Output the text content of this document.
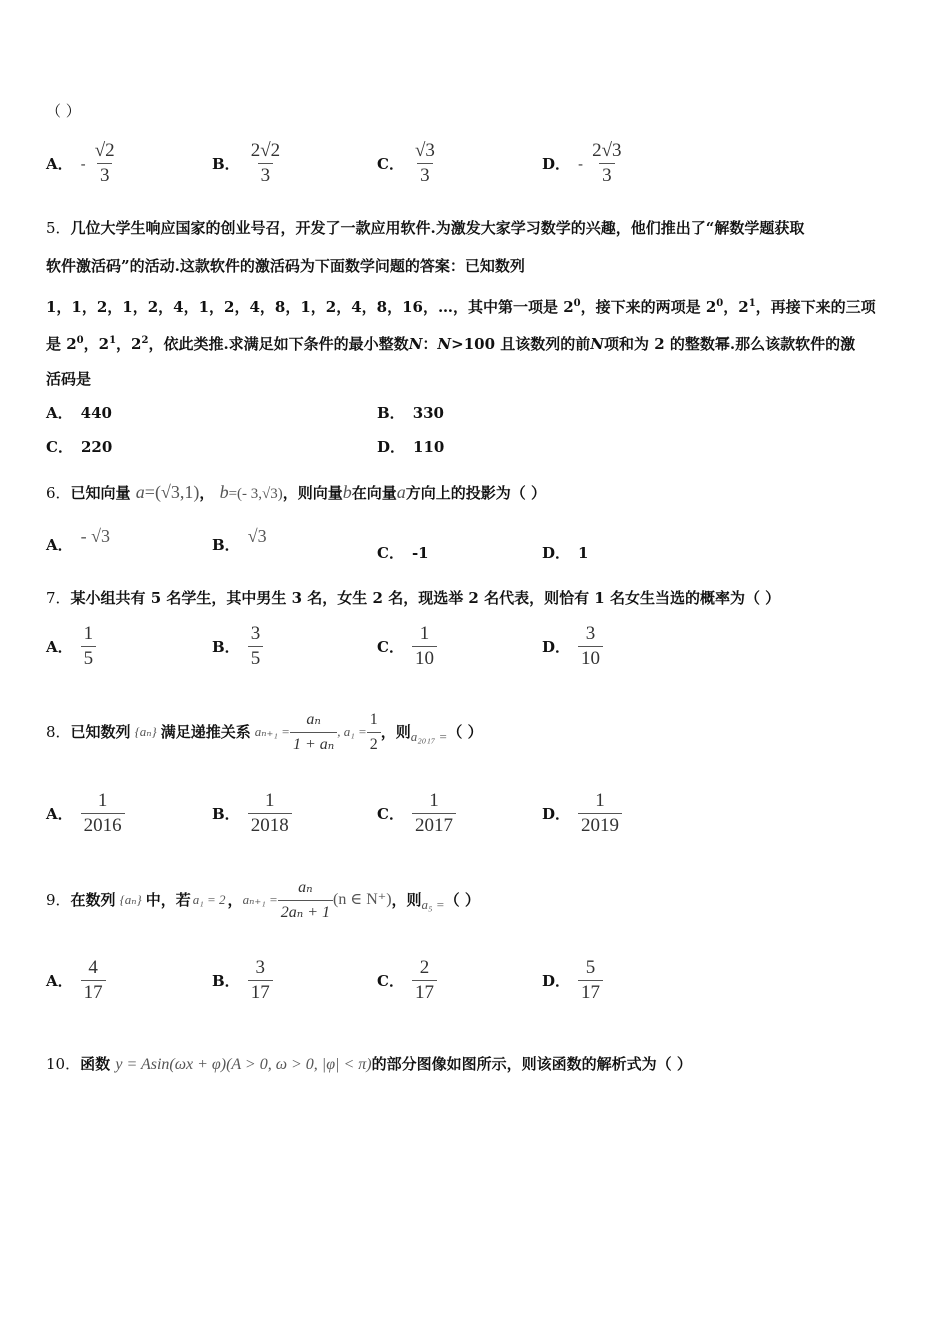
（ ）
A． - $\frac{√2}{3}$	B． $\frac{2√2}{3}$	C． $\frac{√3}{3}$	D． - $\frac{2√3}{3}$
5．几位大学生响应国家的创业号召，开发了一款应用软件.为激发大家学习数学的兴趣，他们推出了“解数学题获取
软件激活码”的活动.这款软件的激活码为下面数学问题的答案：已知数列
1，1，2，1，2，4，1，2，4，8，1，2，4，8，16，…，其中第一项是 $2^0$，接下来的两项是 $2^0$，$2^1$，再接下来的三项
是 $2^0$，$2^1$，$2^2$，依此类推.求满足如下条件的最小整数N：N>100 且该数列的前N项和为 2 的整数幂.那么该款软件的激
活码是
A． 440	B． 330
C． 220	D． 110
6．已知向量 a=(√3,1)， b=(- 3,√3)，则向量b在向量a方向上的投影为（ ）
A． - √3	B． √3
C． -1	D． 1
7．某小组共有 5 名学生，其中男生 3 名，女生 2 名，现选举 2 名代表，则恰有 1 名女生当选的概率为（ ）
A． $\frac{1}{5}$	B． $\frac{3}{5}$	C． $\frac{1}{10}$	D． $\frac{3}{10}$
8． 已知数列 {aₙ} 满足递推关系 $a_{n+1} = \frac{\text{aₙ}}{\text{1 + aₙ}}$ , $a_1 = \frac{1}{2}$ ，则 a₂₀₁₇ = （ ）
A． $\frac{1}{2016}$	B． $\frac{1}{2018}$	C． $\frac{1}{2017}$	D． $\frac{1}{2019}$
9． 在数列 {aₙ} 中，若 a₁ = 2 ， $a_{n+1} = \frac{\text{aₙ}}{\text{2aₙ + 1}} (n$ ∈ N⁺) ，则 a₅ = （ ）
A． $\frac{4}{17}$	B． $\frac{3}{17}$	C． $\frac{2}{17}$	D． $\frac{5}{17}$
10．函数 y = Asin(ωx + φ)(A > 0, ω > 0, |φ| < π)的部分图像如图所示，则该函数的解析式为（ ）
